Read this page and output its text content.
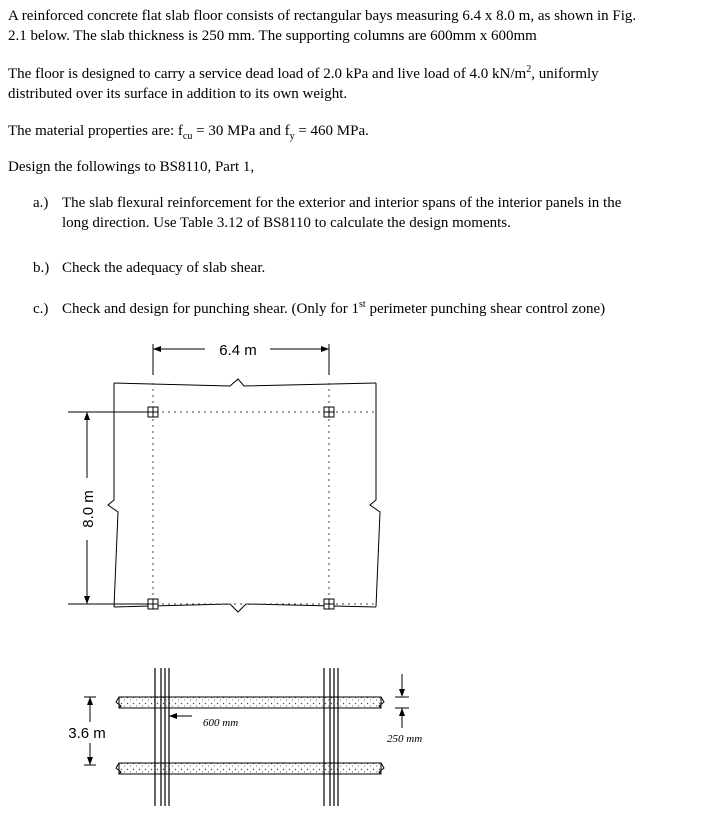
A reinforced concrete flat slab floor consists of rectangular bays measuring 6.4 x 8.0 m, as shown in Fig.

2.1 below. The slab thickness is 250 mm. The supporting columns are 600mm x 600mm

The floor is designed to carry a service dead load of 2.0 kPa and live load of 4.0 $kN/m^2$, uniformly

distributed over its surface in addition to its own weight.

The material properties are: $f_{cu} = 30$ MPa and $f_y = 460$ MPa.

Design the followings to BS8110, Part 1,

a.) The slab flexural reinforcement for the exterior and interior spans of the interior panels in the
long direction. Use Table 3.12 of BS8110 to calculate the design moments.
b.) Check the adequacy of slab shear.
c.) Check and design for punching shear. (Only for 1st perimeter punching shear control zone)
6.4 m
8.0 m
600 mm
250 mm
3.6 m
